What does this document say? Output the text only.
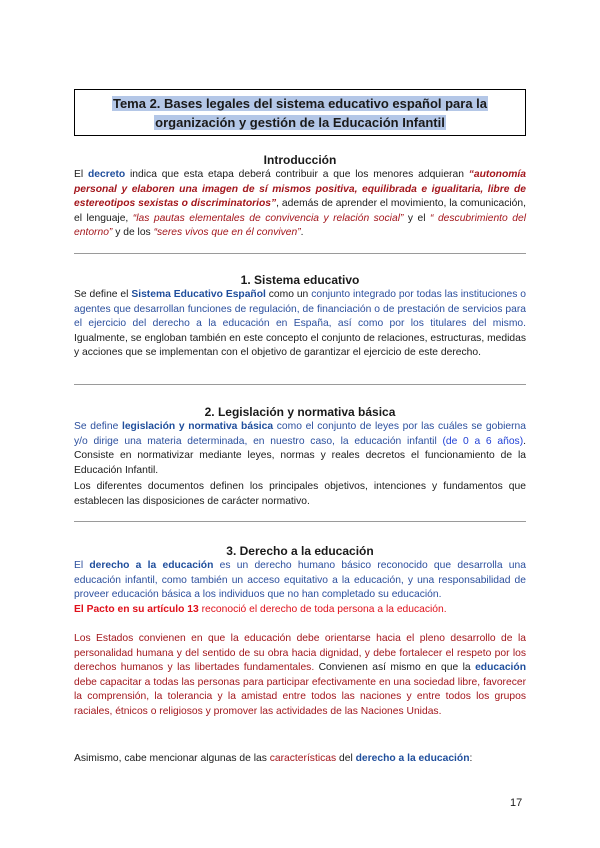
Tema 2. Bases legales del sistema educativo español para la
organización y gestión de la Educación Infantil
Introducción
El decreto indica que esta etapa deberá contribuir a que los menores adquieran “autonomía personal y elaboren una imagen de sí mismos positiva, equilibrada e igualitaria, libre de estereotipos sexistas o discriminatorios”, además de aprender el movimiento, la comunicación, el lenguaje, “las pautas elementales de convivencia y relación social” y el “ descubrimiento del entorno” y de los “seres vivos que en él conviven”.
1. Sistema educativo
Se define el Sistema Educativo Español como un conjunto integrado por todas las instituciones o agentes que desarrollan funciones de regulación, de financiación o de prestación de servicios para el ejercicio del derecho a la educación en España, así como por los titulares del mismo. Igualmente, se engloban también en este concepto el conjunto de relaciones, estructuras, medidas y acciones que se implementan con el objetivo de garantizar el ejercicio de este derecho.
2. Legislación y normativa básica
Se define legislación y normativa básica como el conjunto de leyes por las cuáles se gobierna y/o dirige una materia determinada, en nuestro caso, la educación infantil (de 0 a 6 años). Consiste en normativizar mediante leyes, normas y reales decretos el funcionamiento de la Educación Infantil.
Los diferentes documentos definen los principales objetivos, intenciones y fundamentos que establecen las disposiciones de carácter normativo.
3. Derecho a la educación
El derecho a la educación es un derecho humano básico reconocido que desarrolla una educación infantil, como también un acceso equitativo a la educación, y una responsabilidad de proveer educación básica a los individuos que no han completado su educación.
El Pacto en su artículo 13 reconoció el derecho de toda persona a la educación.
Los Estados convienen en que la educación debe orientarse hacia el pleno desarrollo de la personalidad humana y del sentido de su obra hacia dignidad, y debe fortalecer el respeto por los derechos humanos y las libertades fundamentales. Convienen así mismo en que la educación debe capacitar a todas las personas para participar efectivamente en una sociedad libre, favorecer la comprensión, la tolerancia y la amistad entre todos las naciones y entre todos los grupos raciales, étnicos o religiosos y promover las actividades de las Naciones Unidas.
Asimismo, cabe mencionar algunas de las características del derecho a la educación:
17
